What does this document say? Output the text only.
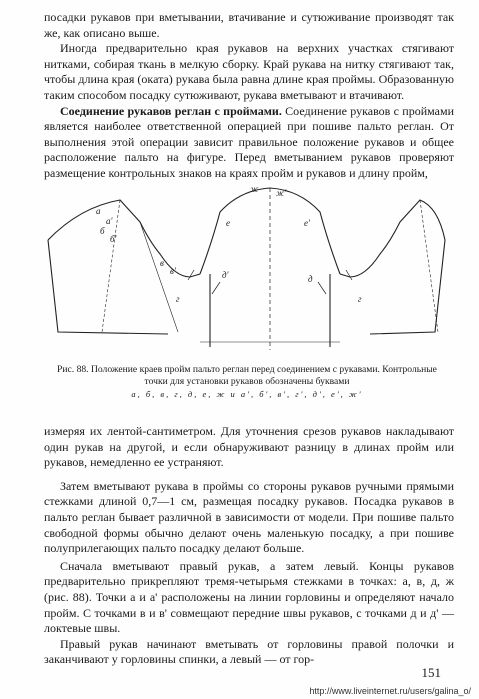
посадки рукавов при вметывании, втачивание и сутюживание производят так же, как описано выше.

Иногда предварительно края рукавов на верхних участках стягивают нитками, собирая ткань в мелкую сборку. Край рукава на нитку стягивают так, чтобы длина края (оката) рукава была равна длине края проймы. Образованную таким способом посадку сутюживают, рукава вметывают и втачивают.

Соединение рукавов реглан с проймами. Соединение рукавов с проймами является наиболее ответственной операцией при пошиве пальто реглан. От выполнения этой операции зависит правильное положение рукавов и общее расположение пальто на фигуре. Перед вметыванием рукавов проверяют размещение контрольных знаков на краях пройм и рукавов и длину пройм,

а
а'
б
б'
в
в'
г	г
д
д'
е	е'
ж ж'
Рис. 88. Положение краев пройм пальто реглан перед соединением с рукавами. Контрольные точки для установки рукавов обозначены буквами
а, б, в, г, д, е, ж и а', б', в', г', д', е', ж'

измеряя их лентой-сантиметром. Для уточнения срезов рукавов накладывают один рукав на другой, и если обнаруживают разницу в длинах пройм или рукавов, немедленно ее устраняют.

Затем вметывают рукава в проймы со стороны рукавов ручными прямыми стежками длиной 0,7—1 см, размещая посадку рукавов. Посадка рукавов в пальто реглан бывает различной в зависимости от модели. При пошиве пальто свободной формы обычно делают очень маленькую посадку, а при пошиве полуприлегающих пальто посадку делают больше.

Сначала вметывают правый рукав, а затем левый. Концы рукавов предварительно прикрепляют тремя-четырьмя стежками в точках: а, в, д, ж (рис. 88). Точки а и а' расположены на линии горловины и определяют начало пройм. С точками в и в' совмещают передние швы рукавов, с точками д и д' — локтевые швы.

Правый рукав начинают вметывать от горловины правой полочки и заканчивают у горловины спинки, а левый — от гор-

151
http://www.liveinternet.ru/users/galina_o/
